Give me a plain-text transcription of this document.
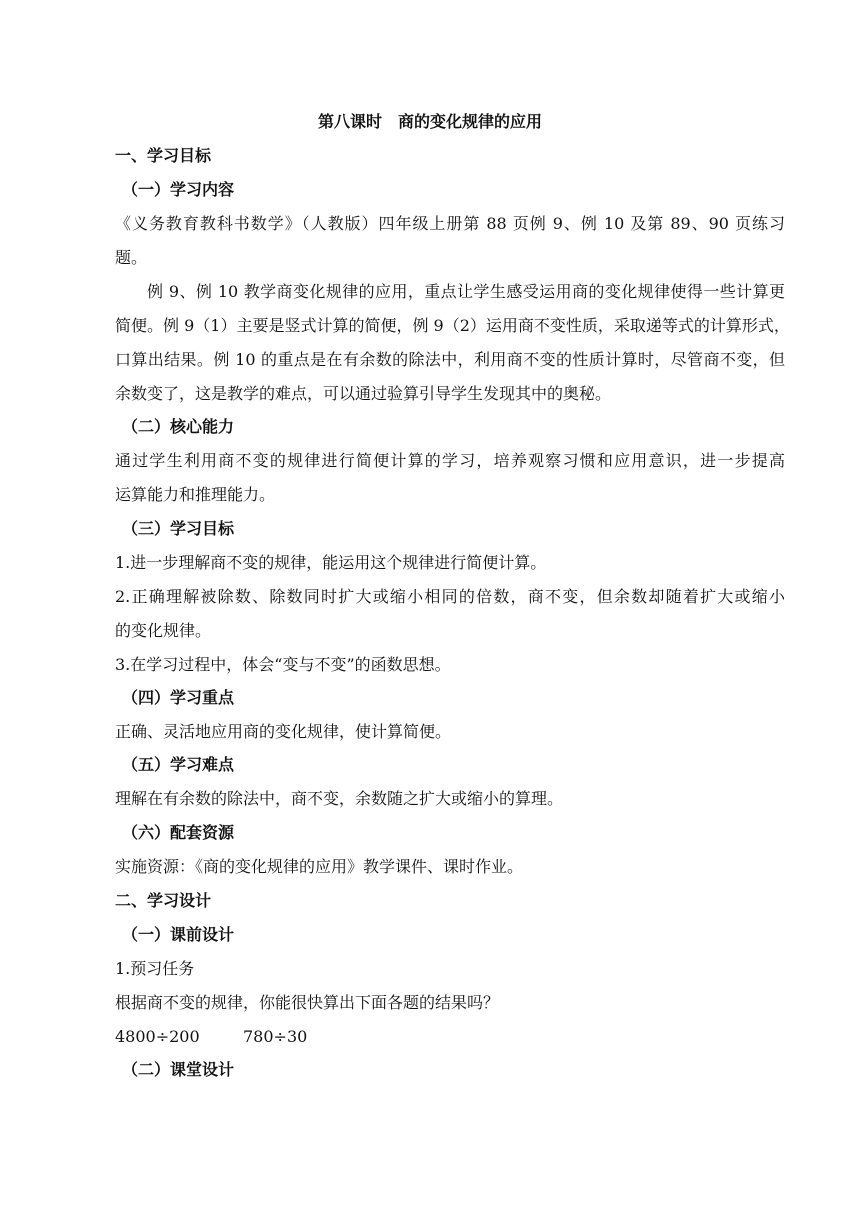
第八课时　商的变化规律的应用
一、学习目标
（一）学习内容
《义务教育教科书数学》（人教版）四年级上册第 88 页例 9、例 10 及第 89、90 页练习
题。
例 9、例 10 教学商变化规律的应用，重点让学生感受运用商的变化规律使得一些计算更
简便。例 9（1）主要是竖式计算的简便，例 9（2）运用商不变性质，采取递等式的计算形式，
口算出结果。例 10 的重点是在有余数的除法中，利用商不变的性质计算时，尽管商不变，但
余数变了，这是教学的难点，可以通过验算引导学生发现其中的奥秘。
（二）核心能力
通过学生利用商不变的规律进行简便计算的学习，培养观察习惯和应用意识，进一步提高
运算能力和推理能力。
（三）学习目标
1.进一步理解商不变的规律，能运用这个规律进行简便计算。
2.正确理解被除数、除数同时扩大或缩小相同的倍数，商不变，但余数却随着扩大或缩小
的变化规律。
3.在学习过程中，体会“变与不变”的函数思想。
（四）学习重点
正确、灵活地应用商的变化规律，使计算简便。
（五）学习难点
理解在有余数的除法中，商不变，余数随之扩大或缩小的算理。
（六）配套资源
实施资源：《商的变化规律的应用》教学课件、课时作业。
二、学习设计
（一）课前设计
1.预习任务
根据商不变的规律，你能很快算出下面各题的结果吗？
4800÷200	780÷30
（二）课堂设计
